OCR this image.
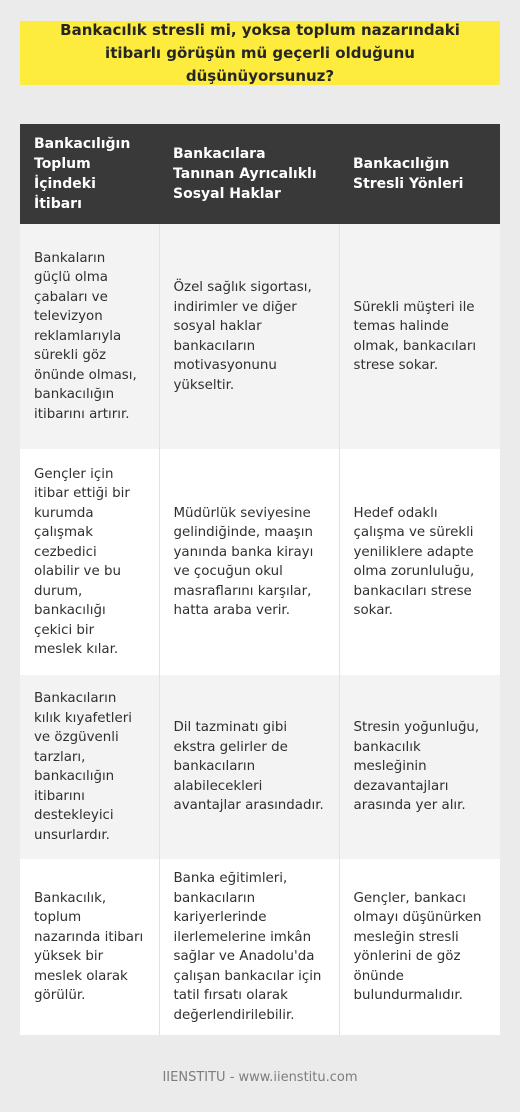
Bankacılık stresli mi, yoksa toplum nazarındaki itibarlı görüşün mü geçerli olduğunu düşünüyorsunuz?
Bankacılığın Toplum İçindeki İtibarı	Bankacılara Tanınan Ayrıcalıklı Sosyal Haklar	Bankacılığın Stresli Yönleri
Bankaların güçlü olma çabaları ve televizyon reklamlarıyla sürekli göz önünde olması, bankacılığın itibarını artırır.	Özel sağlık sigortası, indirimler ve diğer sosyal haklar bankacıların motivasyonunu yükseltir.	Sürekli müşteri ile temas halinde olmak, bankacıları strese sokar.
Gençler için itibar ettiği bir kurumda çalışmak cezbedici olabilir ve bu durum, bankacılığı çekici bir meslek kılar.	Müdürlük seviyesine gelindiğinde, maaşın yanında banka kirayı ve çocuğun okul masraflarını karşılar, hatta araba verir.	Hedef odaklı çalışma ve sürekli yeniliklere adapte olma zorunluluğu, bankacıları strese sokar.
Bankacıların kılık kıyafetleri ve özgüvenli tarzları, bankacılığın itibarını destekleyici unsurlardır.	Dil tazminatı gibi ekstra gelirler de bankacıların alabilecekleri avantajlar arasındadır.	Stresin yoğunluğu, bankacılık mesleğinin dezavantajları arasında yer alır.
Bankacılık, toplum nazarında itibarı yüksek bir meslek olarak görülür.	Banka eğitimleri, bankacıların kariyerlerinde ilerlemelerine imkân sağlar ve Anadolu'da çalışan bankacılar için tatil fırsatı olarak değerlendirilebilir.	Gençler, bankacı olmayı düşünürken mesleğin stresli yönlerini de göz önünde bulundurmalıdır.
IIENSTITU - www.iienstitu.com
